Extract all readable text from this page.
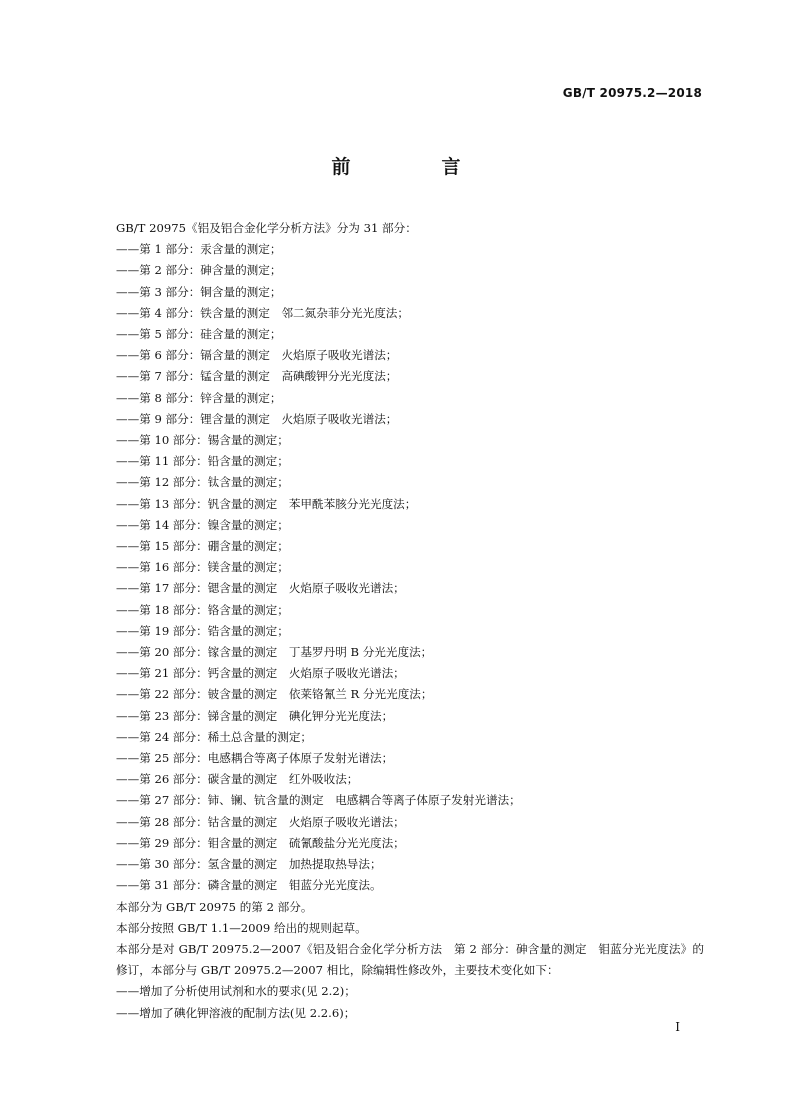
GB/T 20975.2—2018
前　言
GB/T 20975《铝及铝合金化学分析方法》分为 31 部分：
——第 1 部分：汞含量的测定；
——第 2 部分：砷含量的测定；
——第 3 部分：铜含量的测定；
——第 4 部分：铁含量的测定　邻二氮杂菲分光光度法；
——第 5 部分：硅含量的测定；
——第 6 部分：镉含量的测定　火焰原子吸收光谱法；
——第 7 部分：锰含量的测定　高碘酸钾分光光度法；
——第 8 部分：锌含量的测定；
——第 9 部分：锂含量的测定　火焰原子吸收光谱法；
——第 10 部分：锡含量的测定；
——第 11 部分：铅含量的测定；
——第 12 部分：钛含量的测定；
——第 13 部分：钒含量的测定　苯甲酰苯胲分光光度法；
——第 14 部分：镍含量的测定；
——第 15 部分：硼含量的测定；
——第 16 部分：镁含量的测定；
——第 17 部分：锶含量的测定　火焰原子吸收光谱法；
——第 18 部分：铬含量的测定；
——第 19 部分：锆含量的测定；
——第 20 部分：镓含量的测定　丁基罗丹明 B 分光光度法；
——第 21 部分：钙含量的测定　火焰原子吸收光谱法；
——第 22 部分：铍含量的测定　依莱铬氰兰 R 分光光度法；
——第 23 部分：锑含量的测定　碘化钾分光光度法；
——第 24 部分：稀土总含量的测定；
——第 25 部分：电感耦合等离子体原子发射光谱法；
——第 26 部分：碳含量的测定　红外吸收法；
——第 27 部分：铈、镧、钪含量的测定　电感耦合等离子体原子发射光谱法；
——第 28 部分：钴含量的测定　火焰原子吸收光谱法；
——第 29 部分：钼含量的测定　硫氰酸盐分光光度法；
——第 30 部分：氢含量的测定　加热提取热导法；
——第 31 部分：磷含量的测定　钼蓝分光光度法。
本部分为 GB/T 20975 的第 2 部分。
本部分按照 GB/T 1.1—2009 给出的规则起草。
本部分是对 GB/T 20975.2—2007《铝及铝合金化学分析方法　第 2 部分：砷含量的测定　钼蓝分光光度法》的修订，本部分与 GB/T 20975.2—2007 相比，除编辑性修改外，主要技术变化如下：
——增加了分析使用试剂和水的要求(见 2.2)；
——增加了碘化钾溶液的配制方法(见 2.2.6)；
I
